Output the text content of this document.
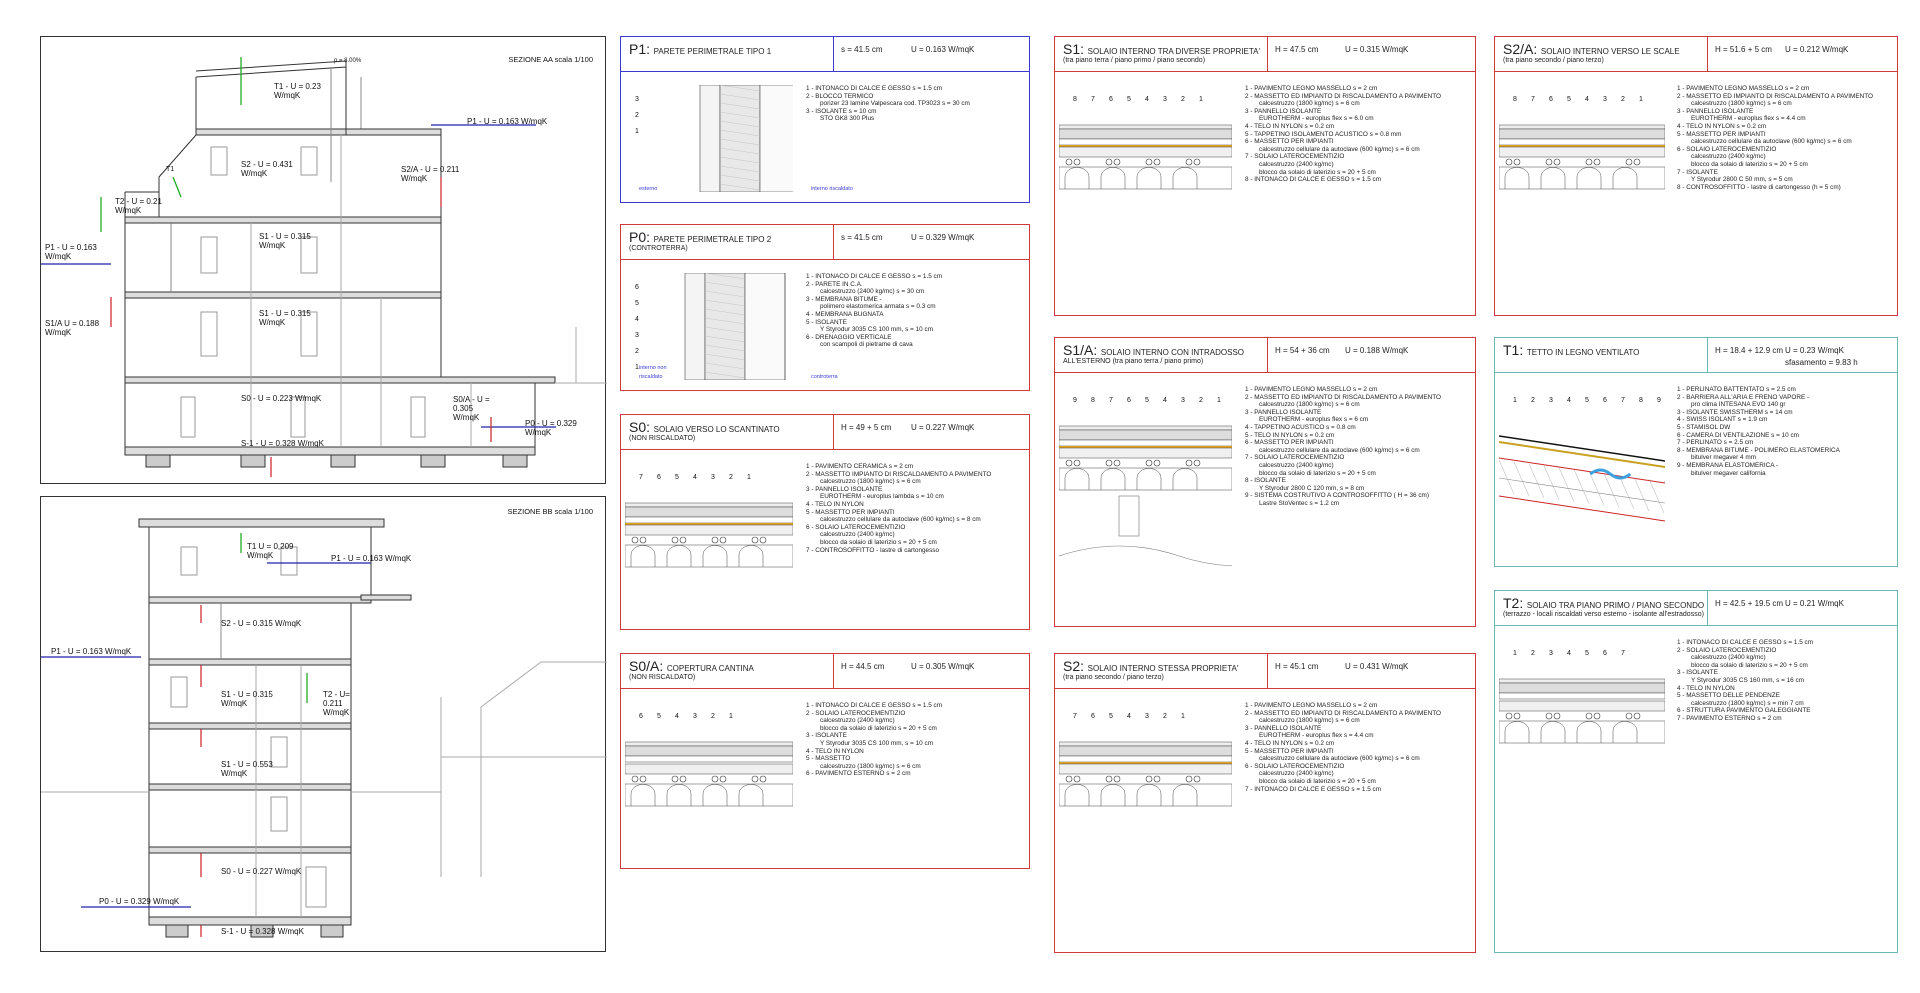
SEZIONE AA scala 1/100
p = 8.00%
T1 - U = 0.23 W/mqK
P1 - U = 0.163 W/mqK
T1
S2 - U = 0.431 W/mqK	S2/A - U = 0.211 W/mqK
T2 - U = 0.21 W/mqK
P1 - U = 0.163 W/mqK
S1 - U = 0.315 W/mqK
S1 - U = 0.315 W/mqK
S1/A U = 0.188 W/mqK
S0 - U = 0.223 W/mqK	S0/A - U = 0.305 W/mqK
P0 - U = 0.329 W/mqK
S-1 - U = 0.328 W/mqK
SEZIONE BB scala 1/100
T1 U = 0,209 W/mqK	P1 - U = 0.163 W/mqK
S2 - U = 0.315 W/mqK
P1 - U = 0.163 W/mqK
S1 - U = 0.315 W/mqK
T2 - U= 0.211 W/mqK
S1 - U = 0.553 W/mqK
S0 - U = 0.227 W/mqK
P0 - U = 0.329 W/mqK
S-1 - U = 0.328 W/mqK
P1: PARETE PERIMETRALE TIPO 1	s = 41.5 cm	U = 0.163 W/mqK
3
2
1
esterno	interno riscaldato
1 - INTONACO DI CALCE E GESSO s = 1.5 cm
2 - BLOCCO TERMICO
porizer 23 lamine Valpescara cod. TP3023 s = 30 cm
3 - ISOLANTE s = 10 cm
STO GK8 300 Plus
P0: PARETE PERIMETRALE TIPO 2
(CONTROTERRA)
s = 41.5 cm	U = 0.329 W/mqK
6
5
4
3
2
1 interno non riscaldato	controterra
1 - INTONACO DI CALCE E GESSO s = 1.5 cm
2 - PARETE IN C.A.
calcestruzzo (2400 kg/mc) s = 30 cm
3 - MEMBRANA BITUME -
polimero elastomerica armata s = 0.3 cm
4 - MEMBRANA BUGNATA
5 - ISOLANTE
Y Styrodur 3035 CS 100 mm, s = 10 cm
6 - DRENAGGIO VERTICALE
con scampoli di pietrame di cava
S0: SOLAIO VERSO LO SCANTINATO
(NON RISCALDATO)
H = 49 + 5 cm U = 0.227 W/mqK
7 6 5 4 3 2 1
1 - PAVIMENTO CERAMICA s = 2 cm
2 - MASSETTO IMPIANTO DI RISCALDAMENTO A PAVIMENTO
calcestruzzo (1800 kg/mc) s = 6 cm
3 - PANNELLO ISOLANTE
EUROTHERM - europlus lambda s = 10 cm
4 - TELO IN NYLON
5 - MASSETTO PER IMPIANTI
calcestruzzo cellulare da autoclave (600 kg/mc) s = 8 cm
6 - SOLAIO LATEROCEMENTIZIO
calcestruzzo (2400 kg/mc)
blocco da solaio di laterizio s = 20 + 5 cm
7 - CONTROSOFFITTO - lastre di cartongesso
S0/A: COPERTURA CANTINA
(NON RISCALDATO)
H = 44.5 cm	U = 0.305 W/mqK
6 5 4 3 2 1
1 - INTONACO DI CALCE E GESSO s = 1.5 cm
2 - SOLAIO LATEROCEMENTIZIO
calcestruzzo (2400 kg/mc)
blocco da solaio di laterizio s = 20 + 5 cm
3 - ISOLANTE
Y Styrodur 3035 CS 100 mm, s = 10 cm
4 - TELO IN NYLON
5 - MASSETTO
calcestruzzo (1800 kg/mc) s = 6 cm
6 - PAVIMENTO ESTERNO s = 2 cm
S1: SOLAIO INTERNO TRA DIVERSE PROPRIETA'
(tra piano terra / piano primo / piano secondo)
H = 47.5 cm	U = 0.315 W/mqK
8 7 6 5 4 3 2 1
1 - PAVIMENTO LEGNO MASSELLO s = 2 cm
2 - MASSETTO ED IMPIANTO DI RISCALDAMENTO A PAVIMENTO
calcestruzzo (1800 kg/mc) s = 6 cm
3 - PANNELLO ISOLANTE
EUROTHERM - europlus flex s = 6.0 cm
4 - TELO IN NYLON s = 0.2 cm
5 - TAPPETINO ISOLAMENTO ACUSTICO s = 0.8 mm
6 - MASSETTO PER IMPIANTI
calcestruzzo cellulare da autoclave (600 kg/mc) s = 6 cm
7 - SOLAIO LATEROCEMENTIZIO
calcestruzzo (2400 kg/mc)
blocco da solaio di laterizio s = 20 + 5 cm
8 - INTONACO DI CALCE E GESSO s = 1.5 cm
S1/A: SOLAIO INTERNO CON INTRADOSSO
ALL'ESTERNO (tra piano terra / piano primo)
H = 54 + 36 cm U = 0.188 W/mqK
9 8 7 6 5 4 3 2 1
1 - PAVIMENTO LEGNO MASSELLO s = 2 cm
2 - MASSETTO ED IMPIANTO DI RISCALDAMENTO A PAVIMENTO
calcestruzzo (1800 kg/mc) s = 6 cm
3 - PANNELLO ISOLANTE
EUROTHERM - europlus flex s = 6 cm
4 - TAPPETINO ACUSTICO s = 0.8 cm
5 - TELO IN NYLON s = 0.2 cm
6 - MASSETTO PER IMPIANTI
calcestruzzo cellulare da autoclave (600 kg/mc) s = 6 cm
7 - SOLAIO LATEROCEMENTIZIO
calcestruzzo (2400 kg/mc)
blocco da solaio di laterizio s = 20 + 5 cm
8 - ISOLANTE
Y Styrodur 2800 C 120 mm, s = 8 cm
9 - SISTEMA COSTRUTIVO A CONTROSOFFITTO ( H = 36 cm)
Lastre StoVentec s = 1.2 cm
S2: SOLAIO INTERNO STESSA PROPRIETA'
(tra piano secondo / piano terzo)
H = 45.1 cm	U = 0.431 W/mqK
7 6 5 4 3 2 1
1 - PAVIMENTO LEGNO MASSELLO s = 2 cm
2 - MASSETTO ED IMPIANTO DI RISCALDAMENTO A PAVIMENTO
calcestruzzo (1800 kg/mc) s = 6 cm
3 - PANNELLO ISOLANTE
EUROTHERM - europlus flex s = 4.4 cm
4 - TELO IN NYLON s = 0.2 cm
5 - MASSETTO PER IMPIANTI
calcestruzzo cellulare da autoclave (600 kg/mc) s = 6 cm
6 - SOLAIO LATEROCEMENTIZIO
calcestruzzo (2400 kg/mc)
blocco da solaio di laterizio s = 20 + 5 cm
7 - INTONACO DI CALCE E GESSO s = 1.5 cm
S2/A: SOLAIO INTERNO VERSO LE SCALE
(tra piano secondo / piano terzo)
H = 51.6 + 5 cm U = 0.212 W/mqK
8 7 6 5 4 3 2 1
1 - PAVIMENTO LEGNO MASSELLO s = 2 cm
2 - MASSETTO ED IMPIANTO DI RISCALDAMENTO A PAVIMENTO
calcestruzzo (1800 kg/mc) s = 6 cm
3 - PANNELLO ISOLANTE
EUROTHERM - europlus flex s = 4.4 cm
4 - TELO IN NYLON s = 0.2 cm
5 - MASSETTO PER IMPIANTI
calcestruzzo cellulare da autoclave (600 kg/mc) s = 6 cm
6 - SOLAIO LATEROCEMENTIZIO
calcestruzzo (2400 kg/mc)
blocco da solaio di laterizio s = 20 + 5 cm
7 - ISOLANTE
Y Styrodur 2800 C 50 mm, s = 5 cm
8 - CONTROSOFFITTO - lastre di cartongesso (h = 5 cm)
T1: TETTO IN LEGNO VENTILATO	H = 18.4 + 12.9 cm U = 0.23 W/mqK
sfasamento = 9.83 h
1 2 3 4 5 6 7 8 9
1 - PERLINATO BATTENTATO s = 2.5 cm
2 - BARRIERA ALL'ARIA E FRENO VAPORE -
pro clima INTESANA EVO 140 gr
3 - ISOLANTE SWISSTHERM s = 14 cm
4 - SWISS ISOLANT s = 1.9 cm
5 - STAMISOL DW
6 - CAMERA DI VENTILAZIONE s = 10 cm
7 - PERLINATO s = 2.5 cm
8 - MEMBRANA BITUME - POLIMERO ELASTOMERICA
bitulver megaver 4 mm
9 - MEMBRANA ELASTOMERICA -
bitulver megaver california
T2: SOLAIO TRA PIANO PRIMO / PIANO SECONDO
(terrazzo - locali riscaldati verso esterno - isolante all'estradosso)
H = 42.5 + 19.5 cm U = 0.21 W/mqK
1 2 3 4 5 6 7
1 - INTONACO DI CALCE E GESSO s = 1.5 cm
2 - SOLAIO LATEROCEMENTIZIO
calcestruzzo (2400 kg/mc)
blocco da solaio di laterizio s = 20 + 5 cm
3 - ISOLANTE
Y Styrodur 3035 CS 160 mm, s = 16 cm
4 - TELO IN NYLON
5 - MASSETTO DELLE PENDENZE
calcestruzzo (1800 kg/mc) s = min 7 cm
6 - STRUTTURA PAVIMENTO GALEGGIANTE
7 - PAVIMENTO ESTERNO s = 2 cm
